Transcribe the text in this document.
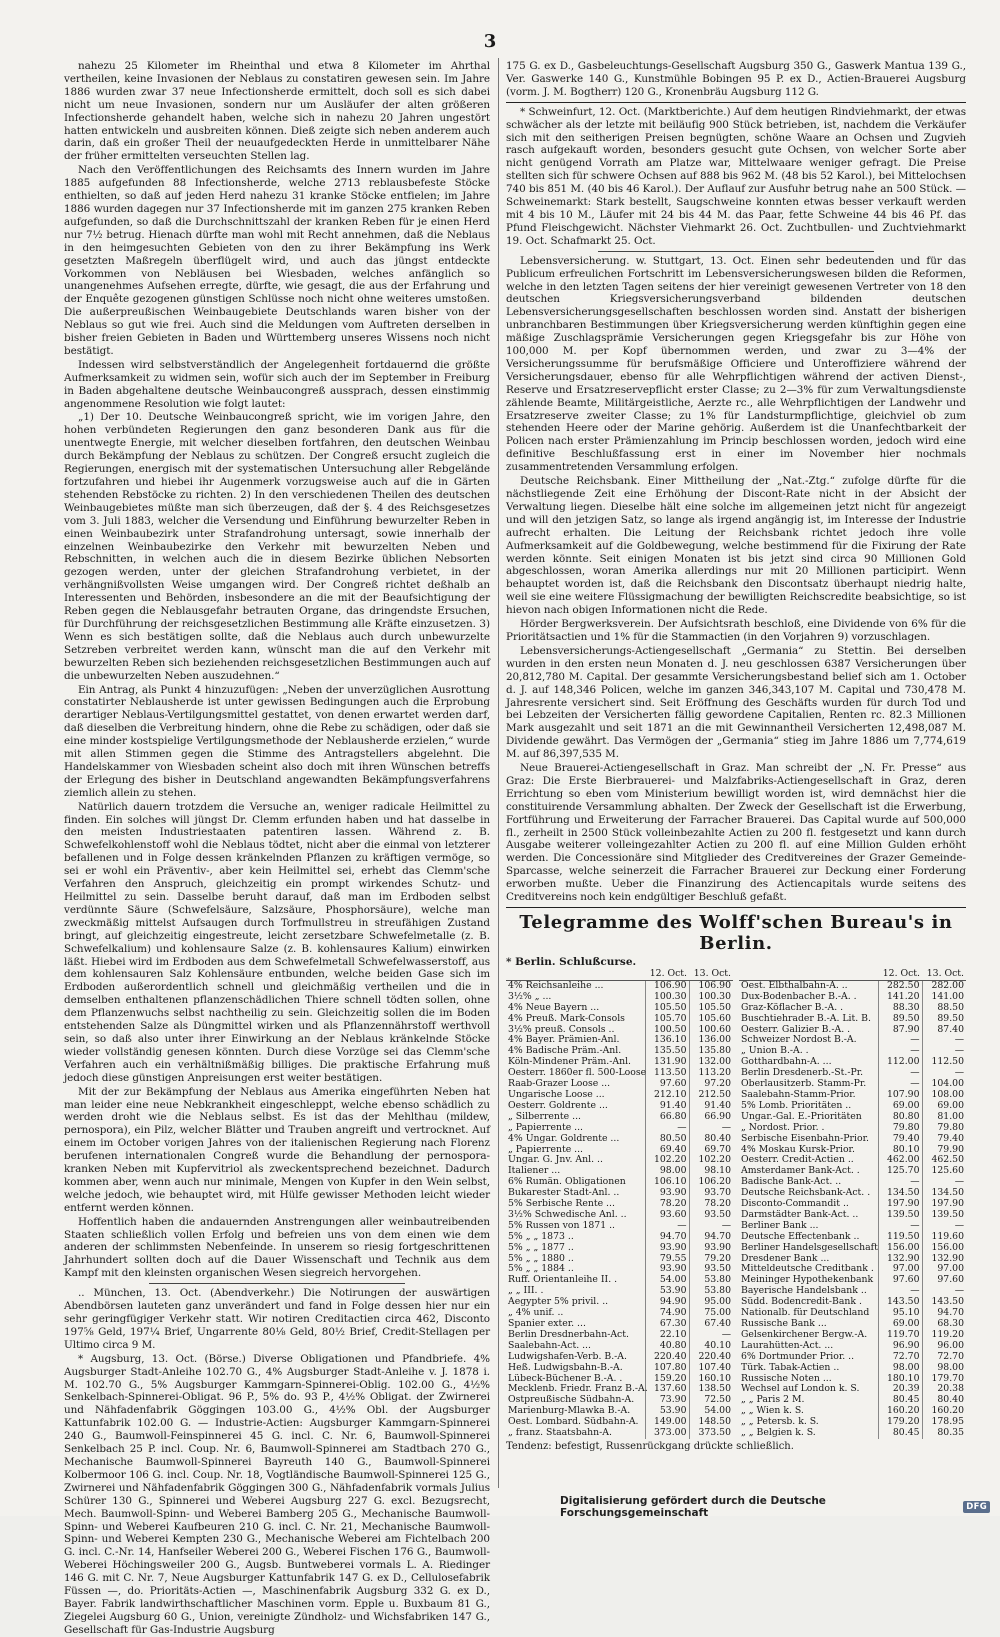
3

nahezu 25 Kilometer im Rheinthal und etwa 8 Kilometer im Ahrthal vertheilen, keine Invasionen der Neblaus zu constatiren gewesen sein. Im Jahre 1886 wurden zwar 37 neue Infectionsherde ermittelt, doch soll es sich dabei nicht um neue Invasionen, sondern nur um Ausläufer der alten größeren Infectionsherde gehandelt haben, welche sich in nahezu 20 Jahren ungestört hatten entwickeln und ausbreiten können. Dieß zeigte sich neben anderem auch darin, daß ein großer Theil der neuaufgedeckten Herde in unmittelbarer Nähe der früher ermittelten verseuchten Stellen lag.

Nach den Veröffentlichungen des Reichsamts des Innern wurden im Jahre 1885 aufgefunden 88 Infectionsherde, welche 2713 reblausbefeste Stöcke enthielten, so daß auf jeden Herd nahezu 31 kranke Stöcke entfielen; im Jahre 1886 wurden dagegen nur 37 Infectionsherde mit im ganzen 275 kranken Reben aufgefunden, so daß die Durchschnittszahl der kranken Reben für je einen Herd nur 7½ betrug. Hienach dürfte man wohl mit Recht annehmen, daß die Neblaus in den heimgesuchten Gebieten von den zu ihrer Bekämpfung ins Werk gesetzten Maßregeln überflügelt wird, und auch das jüngst entdeckte Vorkommen von Nebläusen bei Wiesbaden, welches anfänglich so unangenehmes Aufsehen erregte, dürfte, wie gesagt, die aus der Erfahrung und der Enquête gezogenen günstigen Schlüsse noch nicht ohne weiteres umstoßen. Die außerpreußischen Weinbaugebiete Deutschlands waren bisher von der Neblaus so gut wie frei. Auch sind die Meldungen vom Auftreten derselben in bisher freien Gebieten in Baden und Württemberg unseres Wissens noch nicht bestätigt.

Indessen wird selbstverständlich der Angelegenheit fortdauernd die größte Aufmerksamkeit zu widmen sein, wofür sich auch der im September in Freiburg in Baden abgehaltene deutsche Weinbaucongreß aussprach, dessen einstimmig angenommene Resolution wie folgt lautet:

„1) Der 10. Deutsche Weinbaucongreß spricht, wie im vorigen Jahre, den hohen verbündeten Regierungen den ganz besonderen Dank aus für die unentwegte Energie, mit welcher dieselben fortfahren, den deutschen Weinbau durch Bekämpfung der Neblaus zu schützen. Der Congreß ersucht zugleich die Regierungen, energisch mit der systematischen Untersuchung aller Rebgelände fortzufahren und hiebei ihr Augenmerk vorzugsweise auch auf die in Gärten stehenden Rebstöcke zu richten. 2) In den verschiedenen Theilen des deutschen Weinbaugebietes müßte man sich überzeugen, daß der §. 4 des Reichsgesetzes vom 3. Juli 1883, welcher die Versendung und Einführung bewurzelter Reben in einen Weinbaubezirk unter Strafandrohung untersagt, sowie innerhalb der einzelnen Weinbaubezirke den Verkehr mit bewurzelten Neben und Rebschnitten, in welchen auch die in diesem Bezirke üblichen Nebsorten gezogen werden, unter der gleichen Strafandrohung verbietet, in der verhängnißvollsten Weise umgangen wird. Der Congreß richtet deßhalb an Interessenten und Behörden, insbesondere an die mit der Beaufsichtigung der Reben gegen die Neblausgefahr betrauten Organe, das dringendste Ersuchen, für Durchführung der reichsgesetzlichen Bestimmung alle Kräfte einzusetzen. 3) Wenn es sich bestätigen sollte, daß die Neblaus auch durch unbewurzelte Setzreben verbreitet werden kann, wünscht man die auf den Verkehr mit bewurzelten Reben sich beziehenden reichsgesetzlichen Bestimmungen auch auf die unbewurzelten Neben auszudehnen.“

Ein Antrag, als Punkt 4 hinzuzufügen: „Neben der unverzüglichen Ausrottung constatirter Neblausherde ist unter gewissen Bedingungen auch die Erprobung derartiger Neblaus-Vertilgungsmittel gestattet, von denen erwartet werden darf, daß dieselben die Verbreitung hindern, ohne die Rebe zu schädigen, oder daß sie eine minder kostspielige Vertilgungsmethode der Neblausherde erzielen,“ wurde mit allen Stimmen gegen die Stimme des Antragstellers abgelehnt. Die Handelskammer von Wiesbaden scheint also doch mit ihren Wünschen betreffs der Erlegung des bisher in Deutschland angewandten Bekämpfungsverfahrens ziemlich allein zu stehen.

Natürlich dauern trotzdem die Versuche an, weniger radicale Heilmittel zu finden. Ein solches will jüngst Dr. Clemm erfunden haben und hat dasselbe in den meisten Industriestaaten patentiren lassen. Während z. B. Schwefelkohlenstoff wohl die Neblaus tödtet, nicht aber die einmal von letzterer befallenen und in Folge dessen kränkelnden Pflanzen zu kräftigen vermöge, so sei er wohl ein Präventiv-, aber kein Heilmittel sei, erhebt das Clemm'sche Verfahren den Anspruch, gleichzeitig ein prompt wirkendes Schutz- und Heilmittel zu sein. Dasselbe beruht darauf, daß man im Erdboden selbst verdünnte Säure (Schwefelsäure, Salzsäure, Phosphorsäure), welche man zweckmäßig mittelst Aufsaugen durch Torfmullstreu in streufähigen Zustand bringt, auf gleichzeitig eingestreute, leicht zersetzbare Schwefelmetalle (z. B. Schwefelkalium) und kohlensaure Salze (z. B. kohlensaures Kalium) einwirken läßt. Hiebei wird im Erdboden aus dem Schwefelmetall Schwefelwasserstoff, aus dem kohlensauren Salz Kohlensäure entbunden, welche beiden Gase sich im Erdboden außerordentlich schnell und gleichmäßig vertheilen und die in demselben enthaltenen pflanzenschädlichen Thiere schnell tödten sollen, ohne dem Pflanzenwuchs selbst nachtheilig zu sein. Gleichzeitig sollen die im Boden entstehenden Salze als Düngmittel wirken und als Pflanzennährstoff werthvoll sein, so daß also unter ihrer Einwirkung an der Neblaus kränkelnde Stöcke wieder vollständig genesen könnten. Durch diese Vorzüge sei das Clemm'sche Verfahren auch ein verhältnißmäßig billiges. Die praktische Erfahrung muß jedoch diese günstigen Anpreisungen erst weiter bestätigen.

Mit der zur Bekämpfung der Neblaus aus Amerika eingeführten Neben hat man leider eine neue Nebkrankheit eingeschleppt, welche ebenso schädlich zu werden droht wie die Neblaus selbst. Es ist das der Mehlthau (mildew, pernospora), ein Pilz, welcher Blätter und Trauben angreift und vertrocknet. Auf einem im October vorigen Jahres von der italienischen Regierung nach Florenz berufenen internationalen Congreß wurde die Behandlung der pernospora-kranken Neben mit Kupfervitriol als zweckentsprechend bezeichnet. Dadurch kommen aber, wenn auch nur minimale, Mengen von Kupfer in den Wein selbst, welche jedoch, wie behauptet wird, mit Hülfe gewisser Methoden leicht wieder entfernt werden können.

Hoffentlich haben die andauernden Anstrengungen aller weinbautreibenden Staaten schließlich vollen Erfolg und befreien uns von dem einen wie dem anderen der schlimmsten Nebenfeinde. In unserem so riesig fortgeschrittenen Jahrhundert sollten doch auf die Dauer Wissenschaft und Technik aus dem Kampf mit den kleinsten organischen Wesen siegreich hervorgehen.

.. München, 13. Oct. (Abendverkehr.) Die Notirungen der auswärtigen Abendbörsen lauteten ganz unverändert und fand in Folge dessen hier nur ein sehr geringfügiger Verkehr statt. Wir notiren Creditactien circa 462, Disconto 197⅝ Geld, 197¼ Brief, Ungarrente 80⅛ Geld, 80½ Brief, Credit-Stellagen per Ultimo circa 9 M.

* Augsburg, 13. Oct. (Börse.) Diverse Obligationen und Pfandbriefe. 4% Augsburger Stadt-Anleihe 102.70 G., 4% Augsburger Stadt-Anleihe v. J. 1878 i. M. 102.70 G., 5% Augsburger Kammgarn-Spinnerei-Oblig. 102.00 G., 4½% Senkelbach-Spinnerei-Obligat. 96 P., 5% do. 93 P., 4½% Obligat. der Zwirnerei und Nähfadenfabrik Göggingen 103.00 G., 4½% Obl. der Augsburger Kattunfabrik 102.00 G. — Industrie-Actien: Augsburger Kammgarn-Spinnerei 240 G., Baumwoll-Feinspinnerei 45 G. incl. C. Nr. 6, Baumwoll-Spinnerei Senkelbach 25 P. incl. Coup. Nr. 6, Baumwoll-Spinnerei am Stadtbach 270 G., Mechanische Baumwoll-Spinnerei Bayreuth 140 G., Baumwoll-Spinnerei Kolbermoor 106 G. incl. Coup. Nr. 18, Vogtländische Baumwoll-Spinnerei 125 G., Zwirnerei und Nähfadenfabrik Göggingen 300 G., Nähfadenfabrik vormals Julius Schürer 130 G., Spinnerei und Weberei Augsburg 227 G. excl. Bezugsrecht, Mech. Baumwoll-Spinn- und Weberei Bamberg 205 G., Mechanische Baumwoll-Spinn- und Weberei Kaufbeuren 210 G. incl. C. Nr. 21, Mechanische Baumwoll-Spinn- und Weberei Kempten 230 G., Mechanische Weberei am Fichtelbach 200 G. incl. C.-Nr. 14, Hanfseiler Weberei 200 G., Weberei Fischen 176 G., Baumwoll-Weberei Höchingsweiler 200 G., Augsb. Buntweberei vormals L. A. Riedinger 146 G. mit C. Nr. 7, Neue Augsburger Kattunfabrik 147 G. ex D., Cellulosefabrik Füssen —, do. Prioritäts-Actien —, Maschinenfabrik Augsburg 332 G. ex D., Bayer. Fabrik landwirthschaftlicher Maschinen vorm. Epple u. Buxbaum 81 G., Ziegelei Augsburg 60 G., Union, vereinigte Zündholz- und Wichsfabriken 147 G., Gesellschaft für Gas-Industrie Augsburg

175 G. ex D., Gasbeleuchtungs-Gesellschaft Augsburg 350 G., Gaswerk Mantua 139 G., Ver. Gaswerke 140 G., Kunstmühle Bobingen 95 P. ex D., Actien-Brauerei Augsburg (vorm. J. M. Bogtherr) 120 G., Kronenbräu Augsburg 112 G.

* Schweinfurt, 12. Oct. (Marktberichte.) Auf dem heutigen Rindviehmarkt, der etwas schwächer als der letzte mit beiläufig 900 Stück betrieben, ist, nachdem die Verkäufer sich mit den seitherigen Preisen begnügten, schöne Waare an Ochsen und Zugvieh rasch aufgekauft worden, besonders gesucht gute Ochsen, von welcher Sorte aber nicht genügend Vorrath am Platze war, Mittelwaare weniger gefragt. Die Preise stellten sich für schwere Ochsen auf 888 bis 962 M. (48 bis 52 Karol.), bei Mittelochsen 740 bis 851 M. (40 bis 46 Karol.). Der Auflauf zur Ausfuhr betrug nahe an 500 Stück. — Schweinemarkt: Stark bestellt, Saugschweine konnten etwas besser verkauft werden mit 4 bis 10 M., Läufer mit 24 bis 44 M. das Paar, fette Schweine 44 bis 46 Pf. das Pfund Fleischgewicht. Nächster Viehmarkt 26. Oct. Zuchtbullen- und Zuchtviehmarkt 19. Oct. Schafmarkt 25. Oct.

Lebensversicherung. w. Stuttgart, 13. Oct. Einen sehr bedeutenden und für das Publicum erfreulichen Fortschritt im Lebensversicherungswesen bilden die Reformen, welche in den letzten Tagen seitens der hier vereinigt gewesenen Vertreter von 18 den deutschen Kriegsversicherungsverband bildenden deutschen Lebensversicherungsgesellschaften beschlossen worden sind. Anstatt der bisherigen unbranchbaren Bestimmungen über Kriegsversicherung werden künftighin gegen eine mäßige Zuschlagsprämie Versicherungen gegen Kriegsgefahr bis zur Höhe von 100,000 M. per Kopf übernommen werden, und zwar zu 3—4% der Versicherungssumme für berufsmäßige Officiere und Unteroffiziere während der Versicherungsdauer, ebenso für alle Wehrpflichtigen während der activen Dienst-, Reserve und Ersatzreservepflicht erster Classe; zu 2—3% für zum Verwaltungsdienste zählende Beamte, Militärgeistliche, Aerzte rc., alle Wehrpflichtigen der Landwehr und Ersatzreserve zweiter Classe; zu 1% für Landsturmpflichtige, gleichviel ob zum stehenden Heere oder der Marine gehörig. Außerdem ist die Unanfechtbarkeit der Policen nach erster Prämienzahlung im Princip beschlossen worden, jedoch wird eine definitive Beschlußfassung erst in einer im November hier nochmals zusammentretenden Versammlung erfolgen.

Deutsche Reichsbank. Einer Mittheilung der „Nat.-Ztg.“ zufolge dürfte für die nächstliegende Zeit eine Erhöhung der Discont-Rate nicht in der Absicht der Verwaltung liegen. Dieselbe hält eine solche im allgemeinen jetzt nicht für angezeigt und will den jetzigen Satz, so lange als irgend angängig ist, im Interesse der Industrie aufrecht erhalten. Die Leitung der Reichsbank richtet jedoch ihre volle Aufmerksamkeit auf die Goldbewegung, welche bestimmend für die Fixirung der Rate werden könnte. Seit einigen Monaten ist bis jetzt sind circa 90 Millionen Gold abgeschlossen, woran Amerika allerdings nur mit 20 Millionen participirt. Wenn behauptet worden ist, daß die Reichsbank den Discontsatz überhaupt niedrig halte, weil sie eine weitere Flüssigmachung der bewilligten Reichscredite beabsichtige, so ist hievon nach obigen Informationen nicht die Rede.

Hörder Bergwerksverein. Der Aufsichtsrath beschloß, eine Dividende von 6% für die Prioritätsactien und 1% für die Stammactien (in den Vorjahren 9) vorzuschlagen.

Lebensversicherungs-Actiengesellschaft „Germania“ zu Stettin. Bei derselben wurden in den ersten neun Monaten d. J. neu geschlossen 6387 Versicherungen über 20,812,780 M. Capital. Der gesammte Versicherungsbestand belief sich am 1. October d. J. auf 148,346 Policen, welche im ganzen 346,343,107 M. Capital und 730,478 M. Jahresrente versichert sind. Seit Eröffnung des Geschäfts wurden für durch Tod und bei Lebzeiten der Versicherten fällig gewordene Capitalien, Renten rc. 82.3 Millionen Mark ausgezahlt und seit 1871 an die mit Gewinnantheil Versicherten 12,498,087 M. Dividende gewährt. Das Vermögen der „Germania“ stieg im Jahre 1886 um 7,774,619 M. auf 86,397,535 M.

Neue Brauerei-Actiengesellschaft in Graz. Man schreibt der „N. Fr. Presse“ aus Graz: Die Erste Bierbrauerei- und Malzfabriks-Actiengesellschaft in Graz, deren Errichtung so eben vom Ministerium bewilligt worden ist, wird demnächst hier die constituirende Versammlung abhalten. Der Zweck der Gesellschaft ist die Erwerbung, Fortführung und Erweiterung der Farracher Brauerei. Das Capital wurde auf 500,000 fl., zerheilt in 2500 Stück volleinbezahlte Actien zu 200 fl. festgesetzt und kann durch Ausgabe weiterer volleingezahlter Actien zu 200 fl. auf eine Million Gulden erhöht werden. Die Concessionäre sind Mitglieder des Creditvereines der Grazer Gemeinde-Sparcasse, welche seinerzeit die Farracher Brauerei zur Deckung einer Forderung erworben mußte. Ueber die Finanzirung des Actiencapitals wurde seitens des Creditvereins noch kein endgültiger Beschluß gefaßt.

Telegramme des Wolff'schen Bureau's in Berlin.
* Berlin. Schlußcurse.
	12. Oct.	13. Oct.
4% Reichsanleihe ...	106.90	106.90
3½% „ ...	100.30	100.30
4% Neue Bayern ...	105.50	105.50
4% Preuß. Mark-Consols	105.70	105.60
3½% preuß. Consols ..	100.50	100.60
4% Bayer. Prämien-Anl.	136.10	136.00
4% Badische Präm.-Anl.	135.50	135.80
Köln-Mindener Präm.-Anl.	131.90	132.00
Oesterr. 1860er fl. 500-Loose	113.50	113.20
Raab-Grazer Loose ...	97.60	97.20
Ungarische Loose ...	212.10	212.50
Oesterr. Goldrente ...	91.40	91.40
„ Silberrente ...	66.80	66.90
„ Papierrente ...	—	—
4% Ungar. Goldrente ...	80.50	80.40
„ Papierrente ...	69.40	69.70
Ungar. G. Jnv. Anl. ..	102.20	102.20
Italiener ...	98.00	98.10
6% Rumän. Obligationen	106.10	106.20
Bukarester Stadt-Anl. ..	93.90	93.70
5% Serbische Rente ...	78.20	78.20
3½% Schwedische Anl. ..	93.60	93.50
5% Russen von 1871 ..	—	—
5% „ „ 1873 ..	94.70	94.70
5% „ „ 1877 ..	93.90	93.90
5% „ „ 1880 ..	79.55	79.20
5% „ „ 1884 ..	93.90	93.50
Ruff. Orientanleihe II. .	54.00	53.80
„ „ III. .	53.90	53.80
Aegypter 5% privil. ..	94.90	95.00
„ 4% unif. ..	74.90	75.00
Spanier exter. ...	67.30	67.40
Berlin Dresdnerbahn-Act.	22.10	—
Saalebahn-Act. ...	40.80	40.10
Ludwigshafen-Verb. B.-A.	220.40	220.40
Heß. Ludwigsbahn-B.-A.	107.80	107.40
Lübeck-Büchener B.-A. .	159.20	160.10
Mecklenb. Friedr. Franz B.-A.	137.60	138.50
Ostpreußische Südbahn-A.	73.90	72.50
Marienburg-Mlawka B.-A.	53.90	54.00
Oest. Lombard. Südbahn-A.	149.00	148.50
„ franz. Staatsbahn-A.	373.00	373.50
	12. Oct.	13. Oct.
Oest. Elbthalbahn-A. ..	282.50	282.00
Dux-Bodenbacher B.-A. .	141.20	141.00
Graz-Köflacher B.-A. .	88.30	88.50
Buschtiehrader B.-A. Lit. B.	89.50	89.50
Oesterr. Galizier B.-A. .	87.90	87.40
Schweizer Nordost B.-A.	—	—
„ Union B.-A. .	—	—
Gotthardbahn-A. ...	112.00	112.50
Berlin Dresdenerb.-St.-Pr.	—	—
Oberlausitzerb. Stamm-Pr.	—	104.00
Saalebahn-Stamm-Prior.	107.90	108.00
5% Lomb. Prioritäten ..	69.00	69.00
Ungar.-Gal. E.-Prioritäten	80.80	81.00
„ Nordost. Prior. .	79.80	79.80
Serbische Eisenbahn-Prior.	79.40	79.40
4% Moskau Kursk-Prior.	80.10	79.90
Oesterr. Credit-Actien ..	462.00	462.50
Amsterdamer Bank-Act. .	125.70	125.60
Badische Bank-Act. ..	—	—
Deutsche Reichsbank-Act. .	134.50	134.50
Disconto-Commandit ..	197.90	197.90
Darmstädter Bank-Act. ..	139.50	139.50
Berliner Bank ...	—	—
Deutsche Effectenbank ..	119.50	119.60
Berliner Handelsgesellschaft	156.00	156.00
Dresdener Bank ...	132.90	132.90
Mitteldeutsche Creditbank .	97.00	97.00
Meininger Hypothekenbank	97.60	97.60
Bayerische Handelsbank ..	—	—
Südd. Bodencredit-Bank .	143.50	143.50
Nationalb. für Deutschland	95.10	94.70
Russische Bank ...	69.00	68.30
Gelsenkirchener Bergw.-A.	119.70	119.20
Laurahütten-Act. ...	96.90	96.00
6% Dortmunder Prior. ..	72.70	72.70
Türk. Tabak-Actien ..	98.00	98.00
Russische Noten ...	180.10	179.70
Wechsel auf London k. S.	20.39	20.38
„ „ Paris 2 M.	80.45	80.40
„ „ Wien k. S.	160.20	160.20
„ „ Petersb. k. S.	179.20	178.95
„ „ Belgien k. S.	80.45	80.35
Tendenz: befestigt, Russenrückgang drückte schließlich.
Digitalisierung gefördert durch die Deutsche Forschungsgemeinschaft	DFG
